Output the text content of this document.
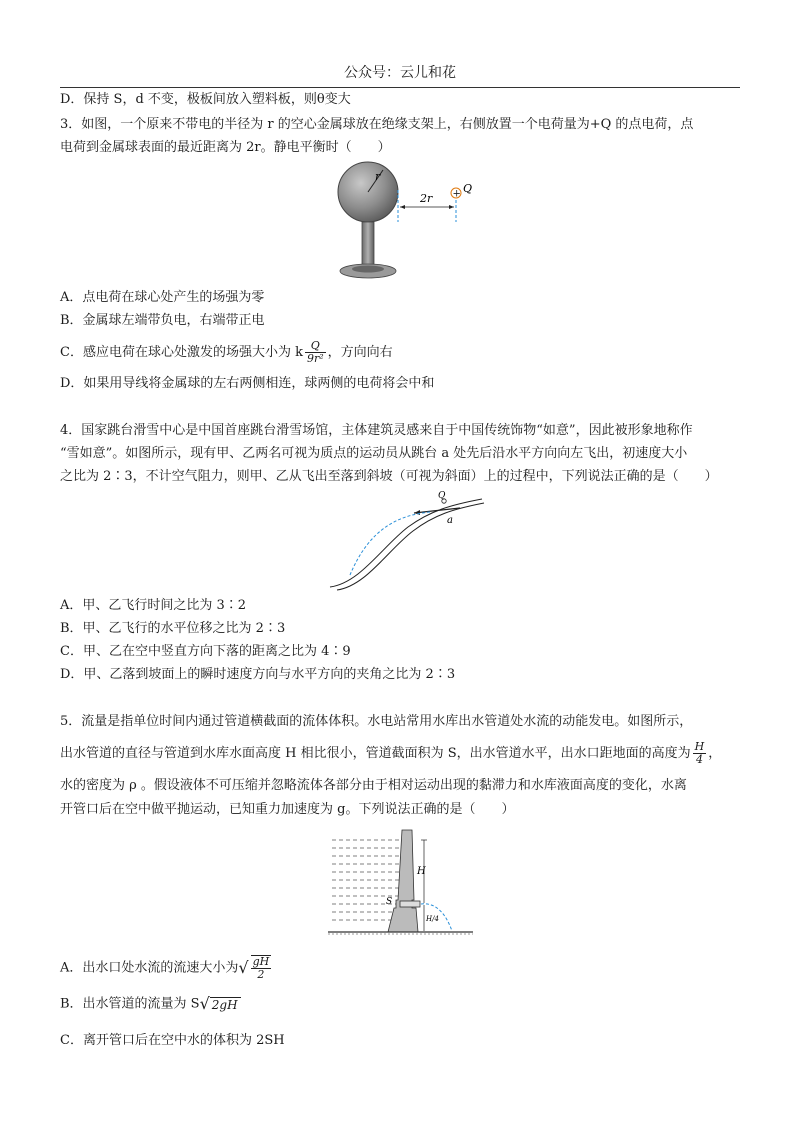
公众号：云儿和花
D．保持 S，d 不变，极板间放入塑料板，则θ变大
3．如图，一个原来不带电的半径为 r 的空心金属球放在绝缘支架上，右侧放置一个电荷量为+Q 的点电荷，点
电荷到金属球表面的最近距离为 2r。静电平衡时（　　）
r
2r + Q
A．点电荷在球心处产生的场强为零
B．金属球左端带负电，右端带正电
C．感应电荷在球心处激发的场强大小为 k $\frac{Q}{\text{9r²}}$ ，方向向右
D．如果用导线将金属球的左右两侧相连，球两侧的电荷将会中和
4．国家跳台滑雪中心是中国首座跳台滑雪场馆，主体建筑灵感来自于中国传统饰物“如意”，因此被形象地称作
“雪如意”。如图所示，现有甲、乙两名可视为质点的运动员从跳台 a 处先后沿水平方向向左飞出，初速度大小
之比为 2∶3，不计空气阻力，则甲、乙从飞出至落到斜坡（可视为斜面）上的过程中，下列说法正确的是（　　）
Q
a
A．甲、乙飞行时间之比为 3∶2
B．甲、乙飞行的水平位移之比为 2∶3
C．甲、乙在空中竖直方向下落的距离之比为 4∶9
D．甲、乙落到坡面上的瞬时速度方向与水平方向的夹角之比为 2∶3
5．流量是指单位时间内通过管道横截面的流体体积。水电站常用水库出水管道处水流的动能发电。如图所示，
出水管道的直径与管道到水库水面高度 H 相比很小，管道截面积为 S，出水管道水平，出水口距地面的高度为 $\frac{H}{4}$ ，
水的密度为 ρ 。假设液体不可压缩并忽略流体各部分由于相对运动出现的黏滞力和水库液面高度的变化，水离
开管口后在空中做平抛运动，已知重力加速度为 g。下列说法正确的是（　　）
H
H/4
S
A．出水口处水流的流速大小为√ $\frac{gH}{2}$
B．出水管道的流量为 S√ 2gH
C．离开管口后在空中水的体积为 2SH
